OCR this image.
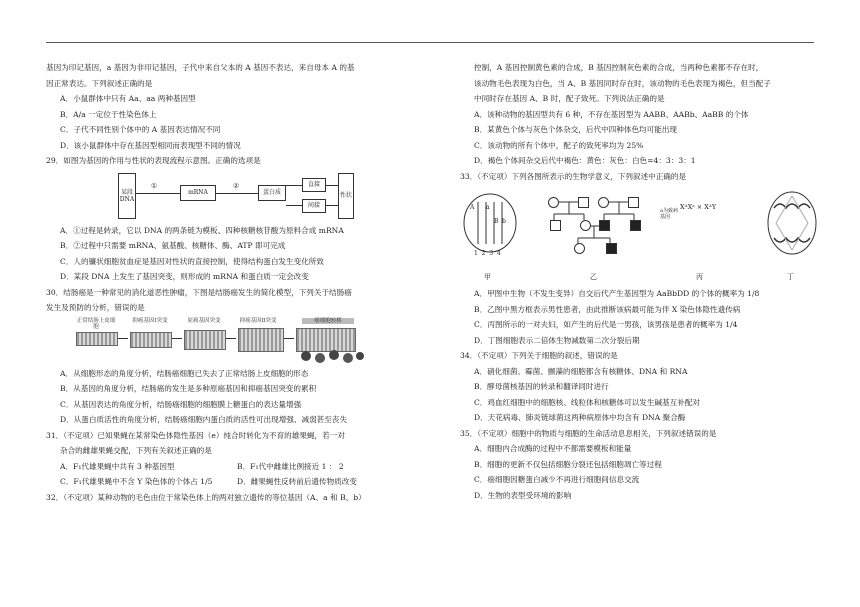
基因为印记基因，a 基因为非印记基因，子代中来自父本的 A 基因不表达，来自母本 A 的基
因正常表达。下列叙述正确的是
A．小鼠群体中只有 Aa、aa 两种基因型
B．A/a 一定位于性染色体上
C．子代不同性别个体中的 A 基因表达情况不同
D．该小鼠群体中存在基因型相同而表现型不同的情况
29．如图为基因的作用与性状的表现流程示意图。正确的选项是
某段DNA
①
mRNA
②
蛋白质
直接
间接
性状
A．①过程是转录，它以 DNA 的两条链为模板、四种核糖核苷酸为原料合成 mRNA
B．②过程中只需要 mRNA、氨基酸、核糖体、酶、ATP 即可完成
C．人的镰状细胞贫血症是基因对性状的直接控制，使得结构蛋白发生变化所致
D．某段 DNA 上发生了基因突变，则形成的 mRNA 和蛋白质一定会改变
30．结肠癌是一种常见的消化道恶性肿瘤，下图是结肠癌发生的简化模型，下列关于结肠癌
发生及预防的分析，错误的是
正常结肠上皮细胞
抑癌基因Ⅰ突变	原癌基因突变	抑癌基因Ⅱ突变	癌细胞转移
A．从细胞形态的角度分析，结肠癌细胞已失去了正常结肠上皮细胞的形态
B．从基因的角度分析，结肠癌的发生是多种原癌基因和抑癌基因突变的累积
C．从基因表达的角度分析，结肠癌细胞的细胞膜上糖蛋白的表达量增强
D．从蛋白质活性的角度分析，结肠癌细胞内蛋白质的活性可出现增强、减弱甚至丧失
31．（不定项）已知果蝇在某常染色体隐性基因（e）纯合时转化为不育的雄果蝇，若一对
杂合的雌雄果蝇交配，下列有关叙述正确的是
A．F₁代雄果蝇中共有 3 种基因型	B．F₁代中雌雄比例接近 1 ： 2
C．F₁代雄果蝇中不含 Y 染色体的个体占 1/5	D．雌果蝇性反转前后遗传物质改变
32．（不定项）某种动物的毛色由位于常染色体上的两对独立遗传的等位基因（A、a 和 B、b）
控制，A 基因控制黄色素的合成，B 基因控制灰色素的合成，当两种色素都不存在时，
该动物毛色表现为白色，当 A、B 基因同时存在时，该动物的毛色表现为褐色，但当配子
中同时存在基因 A、B 时，配子致死。下列说法正确的是
A．该种动物的基因型共有 6 种，不存在基因型为 AABB、AABb、AaBB 的个体
B．某黄色个体与灰色个体杂交，后代中四种体色均可能出现
C．该动物的所有个体中，配子的致死率均为 25%
D．褐色个体间杂交后代中褐色：黄色：灰色：白色=4：3：3：1
33．（不定项）下列各图所表示的生物学意义，下列叙述中正确的是
A a
B b
1  2  3  4
甲	乙
XᴬXᵃ × XᴬY
a为致病基因
丙	丁
A．甲图中生物（不发生变异）自交后代产生基因型为 AaBbDD 的个体的概率为 1/8
B．乙图中黑方框表示男性患者，由此推断该病最可能为伴 X 染色体隐性遗传病
C．丙图所示的一对夫妇，如产生的后代是一男孩，该男孩是患者的概率为 1/4
D．丁图细胞表示二倍体生物减数第二次分裂后期
34．（不定项）下列关于细胞的叙述，错误的是
A．硝化细菌、霉菌、颤藻的细胞都含有核糖体、DNA 和 RNA
B．酵母菌核基因的转录和翻译同时进行
C．鸡血红细胞中的细胞核、线粒体和核糖体可以发生碱基互补配对
D．天花病毒、肺炎链球菌这两种病原体中均含有 DNA 聚合酶
35．（不定项）细胞中的物质与细胞的生命活动息息相关，下列叙述错误的是
A．细胞内合成酶的过程中不都需要模板和能量
B．细胞的更新不仅包括细胞分裂还包括细胞凋亡等过程
C．癌细胞因糖蛋白减少不再进行细胞间信息交流
D．生物的表型受环境的影响
